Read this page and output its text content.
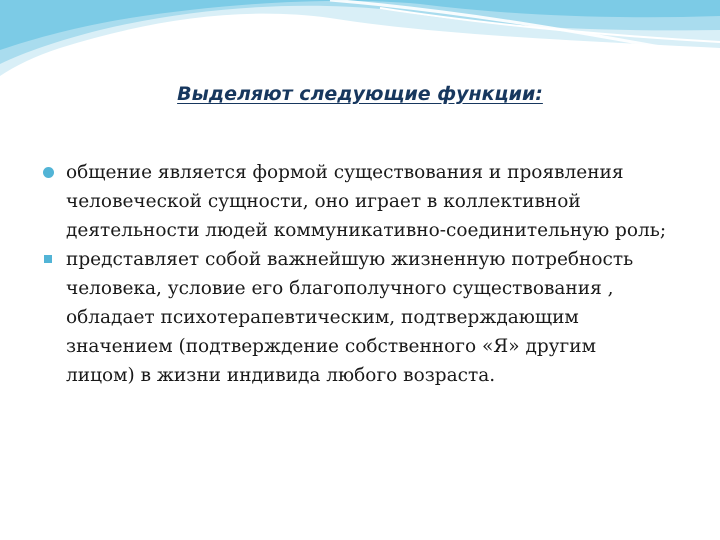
Выделяют следующие функции:
общение является формой существования и проявления человеческой сущности, оно играет в коллективной деятельности людей коммуникативно-соединительную роль;
представляет собой важнейшую жизненную потребность человека, условие его благополучного существования , обладает психотерапевтическим, подтверждающим значением (подтверждение собственного «Я» другим лицом) в жизни индивида любого возраста.
